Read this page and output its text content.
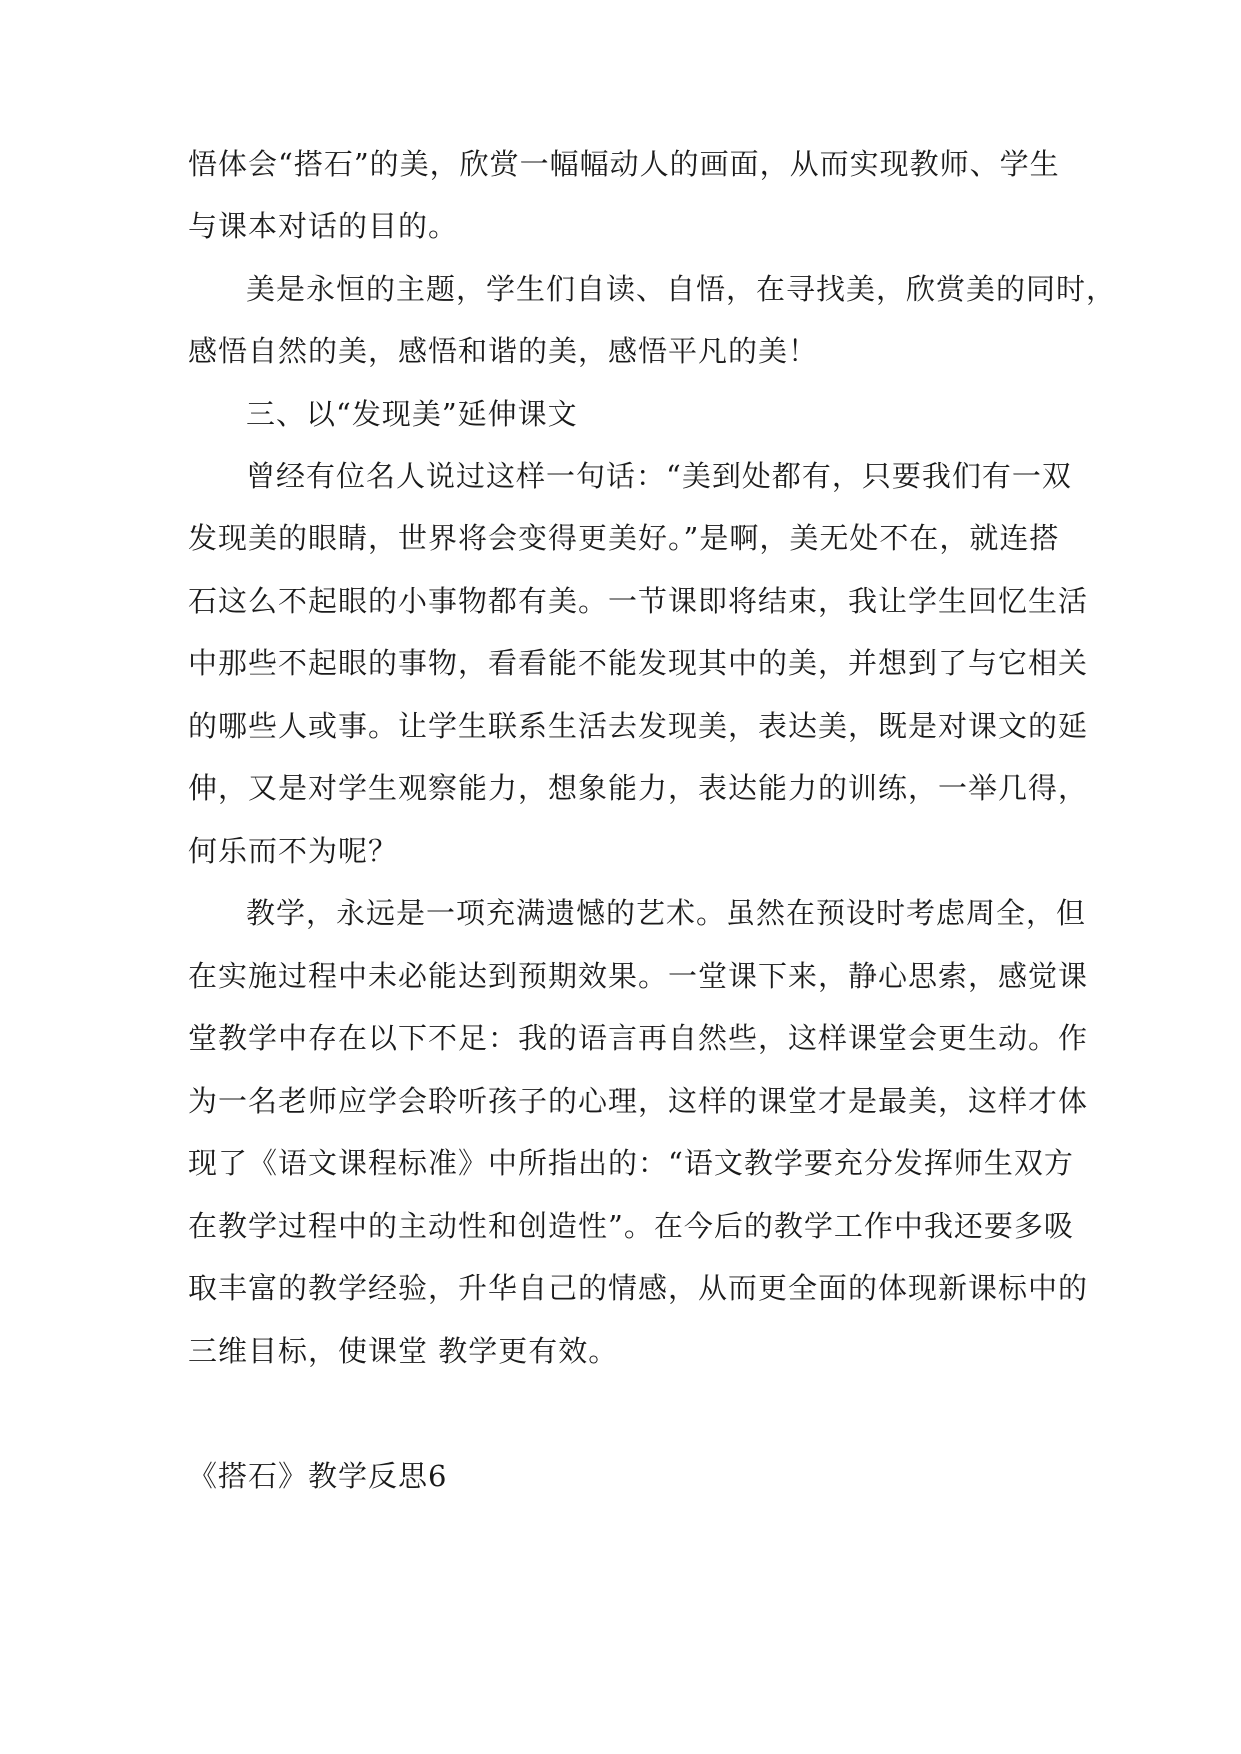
悟体会“搭石”的美，欣赏一幅幅动人的画面，从而实现教师、学生
与课本对话的目的。
美是永恒的主题，学生们自读、自悟，在寻找美，欣赏美的同时，
感悟自然的美，感悟和谐的美，感悟平凡的美！
三、以“发现美”延伸课文
曾经有位名人说过这样一句话：“美到处都有，只要我们有一双
发现美的眼睛，世界将会变得更美好。”是啊，美无处不在，就连搭
石这么不起眼的小事物都有美。一节课即将结束，我让学生回忆生活
中那些不起眼的事物，看看能不能发现其中的美，并想到了与它相关
的哪些人或事。让学生联系生活去发现美，表达美，既是对课文的延
伸，又是对学生观察能力，想象能力，表达能力的训练，一举几得，
何乐而不为呢？
教学，永远是一项充满遗憾的艺术。虽然在预设时考虑周全，但
在实施过程中未必能达到预期效果。一堂课下来，静心思索，感觉课
堂教学中存在以下不足：我的语言再自然些，这样课堂会更生动。作
为一名老师应学会聆听孩子的心理，这样的课堂才是最美，这样才体
现了《语文课程标准》中所指出的：“语文教学要充分发挥师生双方
在教学过程中的主动性和创造性”。在今后的教学工作中我还要多吸
取丰富的教学经验，升华自己的情感，从而更全面的体现新课标中的
三维目标，使课堂 教学更有效。
《搭石》教学反思6
